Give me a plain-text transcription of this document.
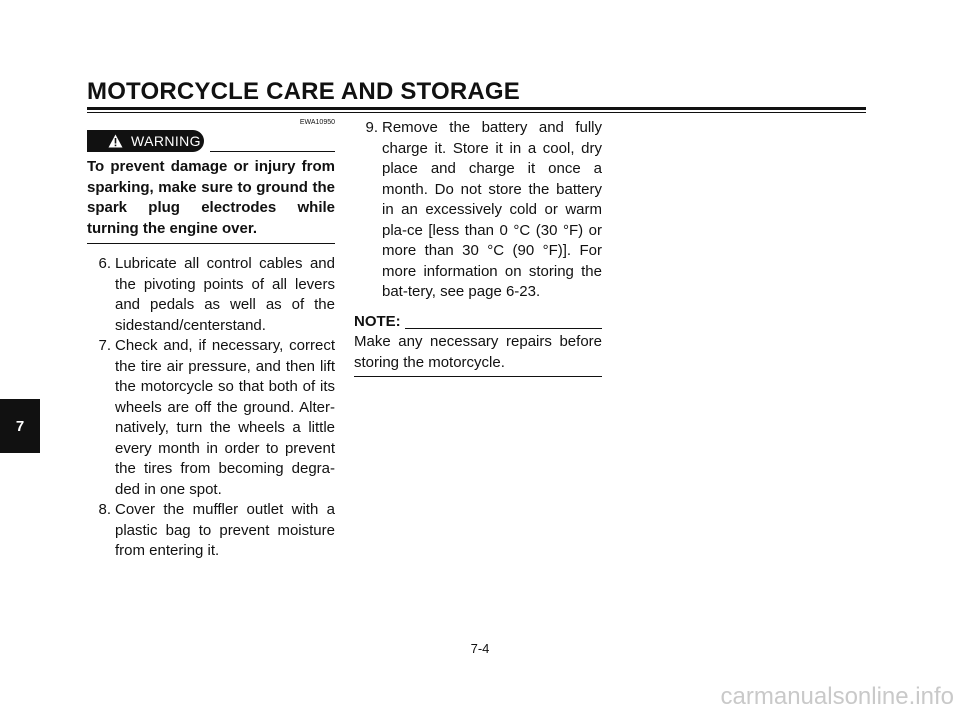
MOTORCYCLE CARE AND STORAGE
7
EWA10950
WARNING
To prevent damage or injury from sparking, make sure to ground the spark plug electrodes while turning the engine over.
6. Lubricate all control cables and the pivoting points of all levers and pedals as well as of the sidestand/centerstand.
7. Check and, if necessary, correct the tire air pressure, and then lift the motorcycle so that both of its wheels are off the ground. Alter-natively, turn the wheels a little every month in order to prevent the tires from becoming degra-ded in one spot.
8. Cover the muffler outlet with a plastic bag to prevent moisture from entering it.
9. Remove the battery and fully charge it. Store it in a cool, dry place and charge it once a month. Do not store the battery in an excessively cold or warm pla-ce [less than 0 °C (30 °F) or more than 30 °C (90 °F)]. For more information on storing the bat-tery, see page 6-23.
NOTE:
Make any necessary repairs before storing the motorcycle.
7-4
carmanualsonline.info
